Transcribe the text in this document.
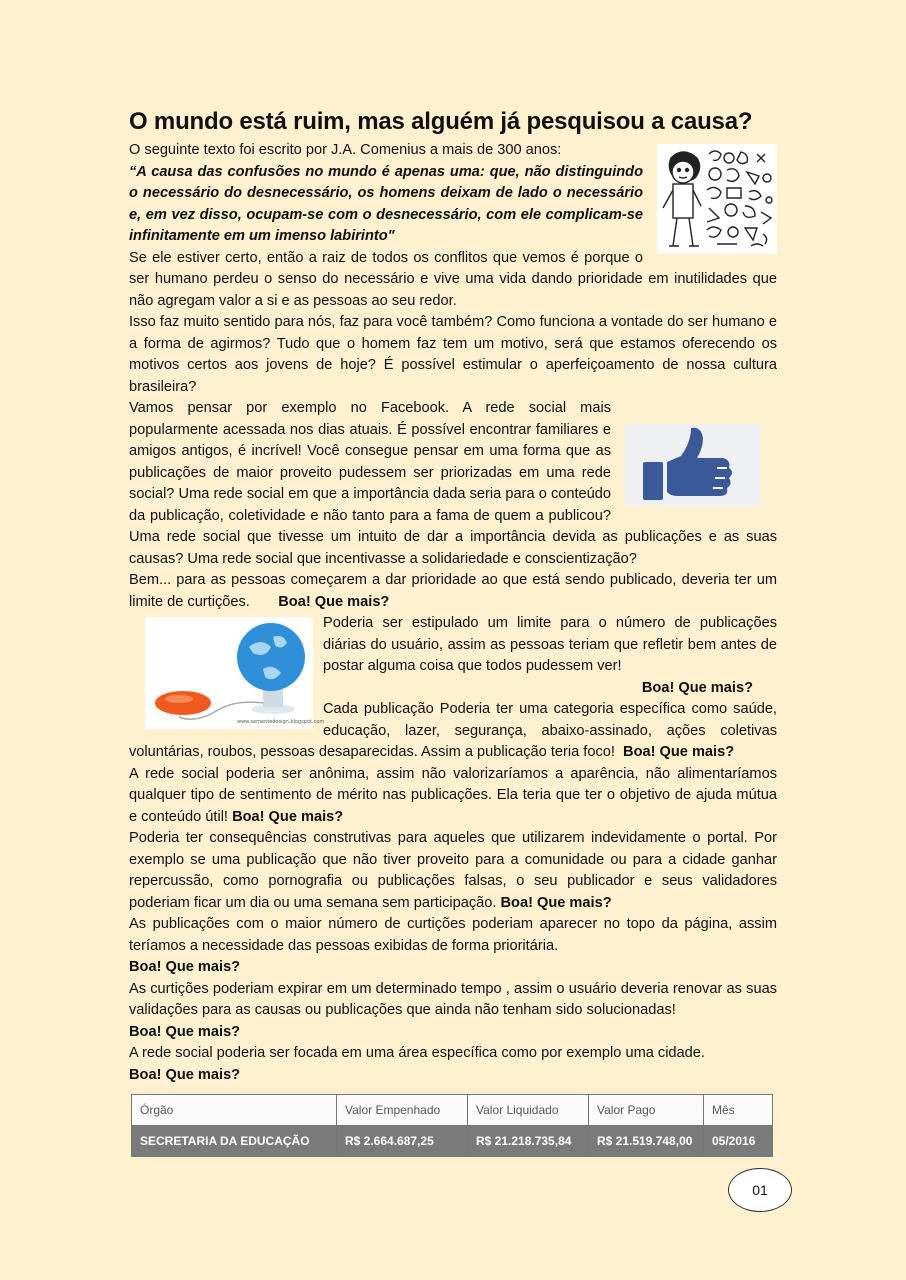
O mundo está ruim, mas alguém já pesquisou a causa?

O seguinte texto foi escrito por J.A. Comenius a mais de 300 anos:

“A causa das confusões no mundo é apenas uma: que, não distinguindo o necessário do desnecessário, os homens deixam de lado o necessário e, em vez disso, ocupam-se com o desnecessário, com ele complicam-se infinitamente em um imenso labirinto"

Se ele estiver certo, então a raiz de todos os conflitos que vemos é porque o ser humano perdeu o senso do necessário e vive uma vida dando prioridade em inutilidades que não agregam valor a si e as pessoas ao seu redor.

Isso faz muito sentido para nós, faz para você também? Como funciona a vontade do ser humano e a forma de agirmos? Tudo que o homem faz tem um motivo, será que estamos oferecendo os motivos certos aos jovens de hoje? É possível estimular o aperfeiçoamento de nossa cultura brasileira?

Vamos pensar por exemplo no Facebook. A rede social mais popularmente acessada nos dias atuais. É possível encontrar familiares e amigos antigos, é incrível! Você consegue pensar em uma forma que as publicações de maior proveito pudessem ser priorizadas em uma rede social? Uma rede social em que a importância dada seria para o conteúdo da publicação, coletividade e não tanto para a fama de quem a publicou? Uma rede social que tivesse um intuito de dar a importância devida as publicações e as suas causas? Uma rede social que incentivasse a solidariedade e conscientização?

Bem... para as pessoas começarem a dar prioridade ao que está sendo publicado, deveria ter um limite de curtições. Boa! Que mais?

www.sementedesign.blogspot.com

Poderia ser estipulado um limite para o número de publicações diárias do usuário, assim as pessoas teriam que refletir bem antes de postar alguma coisa que todos pudessem ver!

Boa! Que mais?

Cada publicação Poderia ter uma categoria específica como saúde, educação, lazer, segurança, abaixo-assinado, ações coletivas voluntárias, roubos, pessoas desaparecidas. Assim a publicação teria foco! Boa! Que mais?

A rede social poderia ser anônima, assim não valorizaríamos a aparência, não alimentaríamos qualquer tipo de sentimento de mérito nas publicações. Ela teria que ter o objetivo de ajuda mútua e conteúdo útil! Boa! Que mais?

Poderia ter consequências construtivas para aqueles que utilizarem indevidamente o portal. Por exemplo se uma publicação que não tiver proveito para a comunidade ou para a cidade ganhar repercussão, como pornografia ou publicações falsas, o seu publicador e seus validadores poderiam ficar um dia ou uma semana sem participação. Boa! Que mais?

As publicações com o maior número de curtições poderiam aparecer no topo da página, assim teríamos a necessidade das pessoas exibidas de forma prioritária.

Boa! Que mais?

As curtições poderiam expirar em um determinado tempo , assim o usuário deveria renovar as suas validações para as causas ou publicações que ainda não tenham sido solucionadas!

Boa! Que mais?

A rede social poderia ser focada em uma área específica como por exemplo uma cidade.

Boa! Que mais?

Órgão	Valor Empenhado	Valor Liquidado	Valor Pago	Mês
SECRETARIA DA EDUCAÇÃO	R$ 2.664.687,25	R$ 21.218.735,84	R$ 21.519.748,00	05/2016
01
